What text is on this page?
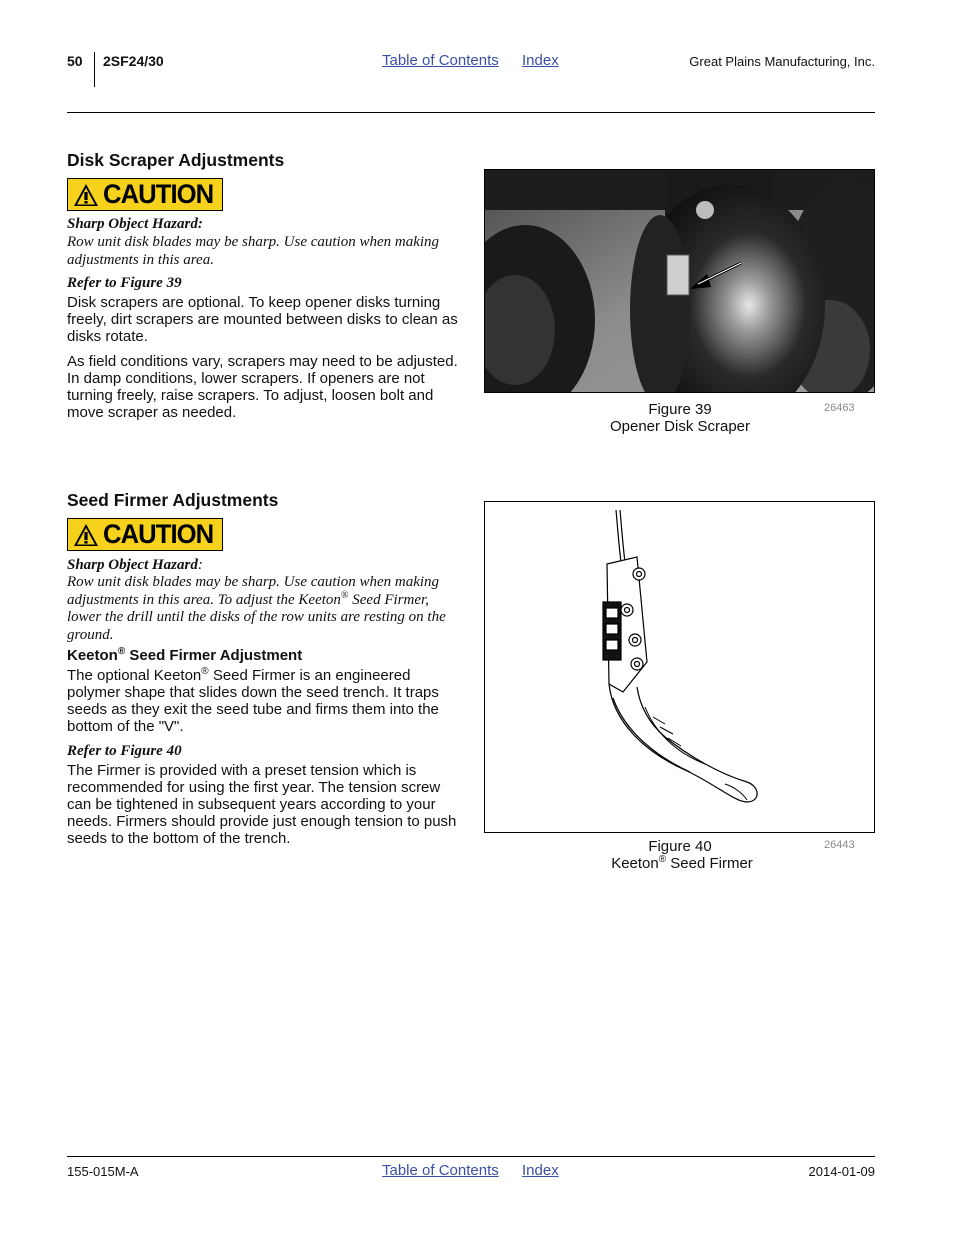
50 2SF24/30	Table of Contents Index	Great Plains Manufacturing, Inc.
Disk Scraper Adjustments
CAUTION
Sharp Object Hazard:
Row unit disk blades may be sharp. Use caution when making adjustments in this area.
Refer to Figure 39

Disk scrapers are optional. To keep opener disks turning freely, dirt scrapers are mounted between disks to clean as disks rotate.

As field conditions vary, scrapers may need to be adjusted. In damp conditions, lower scrapers. If openers are not turning freely, raise scrapers. To adjust, loosen bolt and move scraper as needed.	Figure 39
Opener Disk Scraper
26463
Seed Firmer Adjustments
CAUTION
Sharp Object Hazard:
Row unit disk blades may be sharp. Use caution when making adjustments in this area. To adjust the Keeton® Seed Firmer, lower the drill until the disks of the row units are resting on the ground.
Keeton® Seed Firmer Adjustment

The optional Keeton® Seed Firmer is an engineered polymer shape that slides down the seed trench. It traps seeds as they exit the seed tube and firms them into the bottom of the "V".

Refer to Figure 40

The Firmer is provided with a preset tension which is recommended for using the first year. The tension screw can be tightened in subsequent years according to your needs. Firmers should provide just enough tension to push seeds to the bottom of the trench.	Figure 40
Keeton® Seed Firmer
26443
155-015M-A	Table of Contents Index	2014-01-09
